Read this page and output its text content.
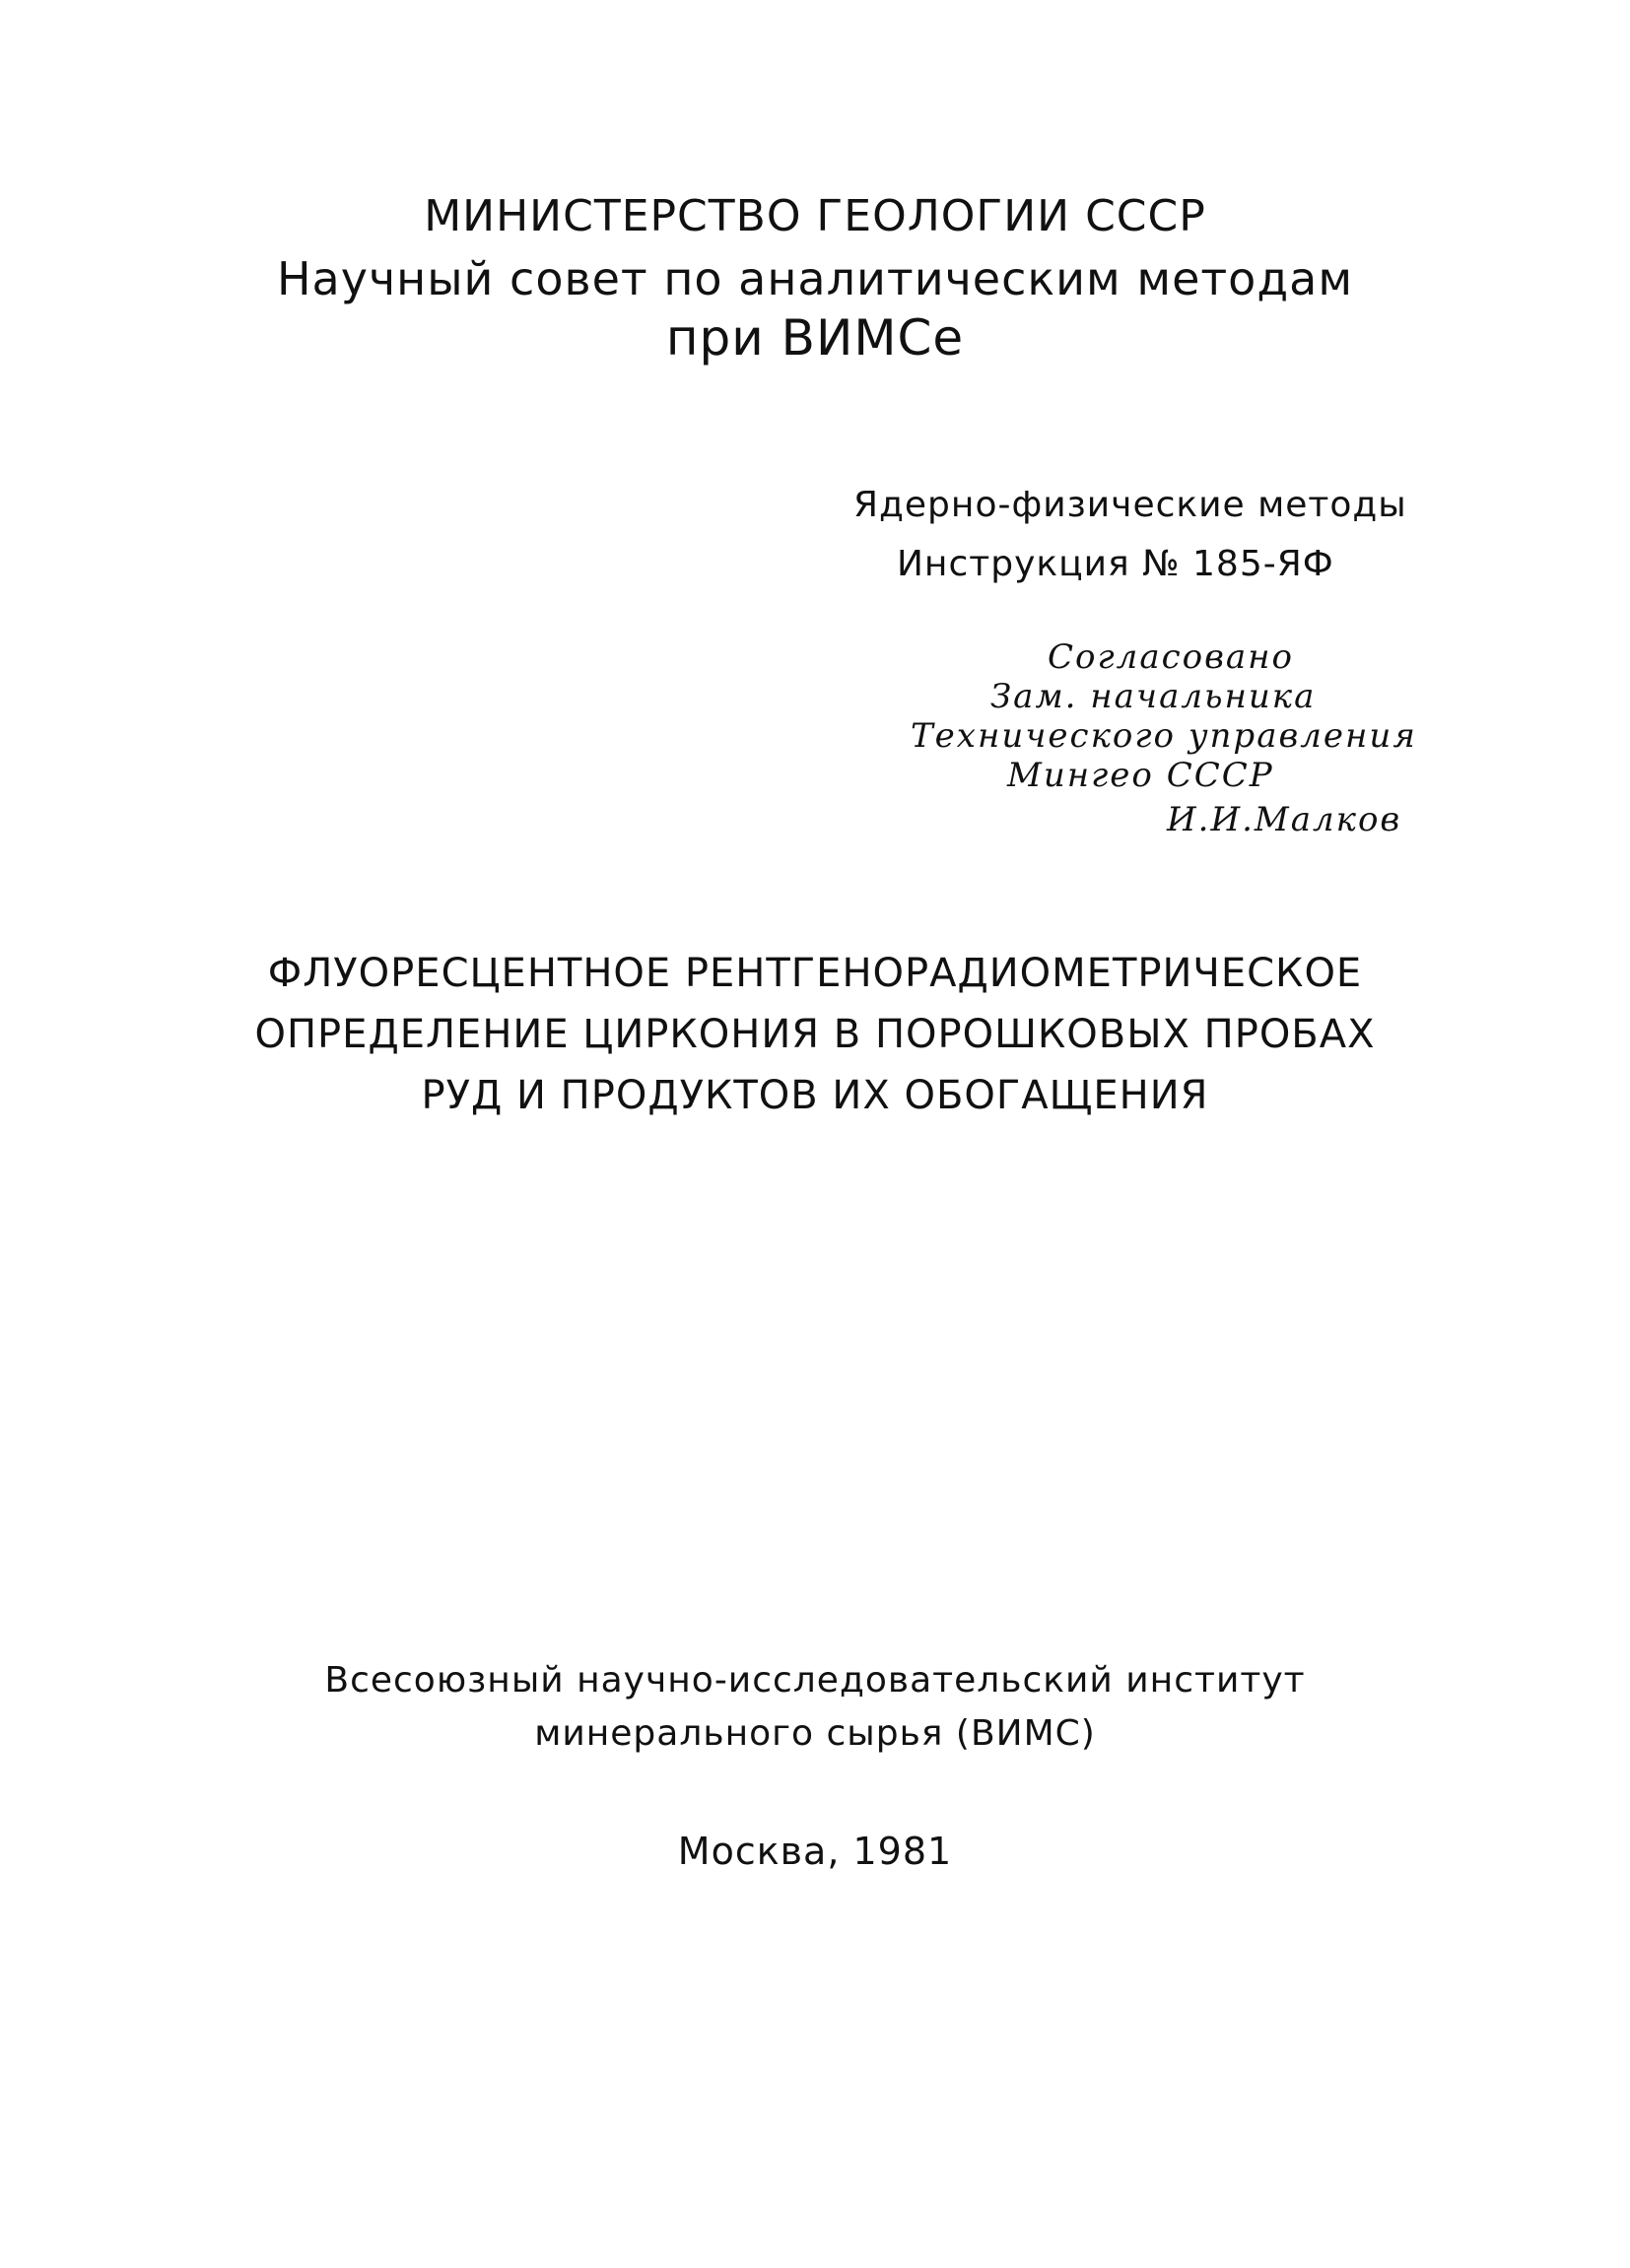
МИНИСТЕРСТВО ГЕОЛОГИИ СССР
Научный совет по аналитическим методам
при ВИМСе
Ядерно-физические методы
Инструкция № 185-ЯФ
Согласовано
Зам. начальника
Технического управления
Мингео СССР
И.И.Малков
ФЛУОРЕСЦЕНТНОЕ РЕНТГЕНОРАДИОМЕТРИЧЕСКОЕ
ОПРЕДЕЛЕНИЕ ЦИРКОНИЯ В ПОРОШКОВЫХ ПРОБАХ
РУД И ПРОДУКТОВ ИХ ОБОГАЩЕНИЯ
Всесоюзный научно-исследовательский институт
минерального сырья (ВИМС)
Москва, 1981
